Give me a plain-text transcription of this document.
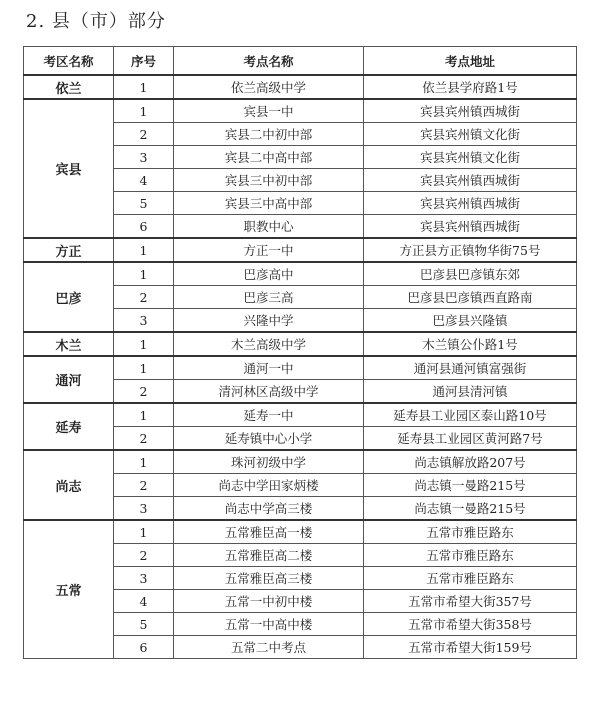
2. 县（市）部分
考区名称	序号	考点名称	考点地址
依兰	1	依兰高级中学	依兰县学府路1号
宾县	1	宾县一中	宾县宾州镇西城街
	2	宾县二中初中部	宾县宾州镇文化街
	3	宾县二中高中部	宾县宾州镇文化街
	4	宾县三中初中部	宾县宾州镇西城街
	5	宾县三中高中部	宾县宾州镇西城街
	6	职教中心	宾县宾州镇西城街
方正	1	方正一中	方正县方正镇物华街75号
巴彦	1	巴彦高中	巴彦县巴彦镇东郊
	2	巴彦三高	巴彦县巴彦镇西直路南
	3	兴隆中学	巴彦县兴隆镇
木兰	1	木兰高级中学	木兰镇公仆路1号
通河	1	通河一中	通河县通河镇富强街
	2	清河林区高级中学	通河县清河镇
延寿	1	延寿一中	延寿县工业园区泰山路10号
	2	延寿镇中心小学	延寿县工业园区黄河路7号
尚志	1	珠河初级中学	尚志镇解放路207号
	2	尚志中学田家炳楼	尚志镇一曼路215号
	3	尚志中学高三楼	尚志镇一曼路215号
五常	1	五常雅臣高一楼	五常市雅臣路东
	2	五常雅臣高二楼	五常市雅臣路东
	3	五常雅臣高三楼	五常市雅臣路东
	4	五常一中初中楼	五常市希望大街357号
	5	五常一中高中楼	五常市希望大街358号
	6	五常二中考点	五常市希望大街159号
